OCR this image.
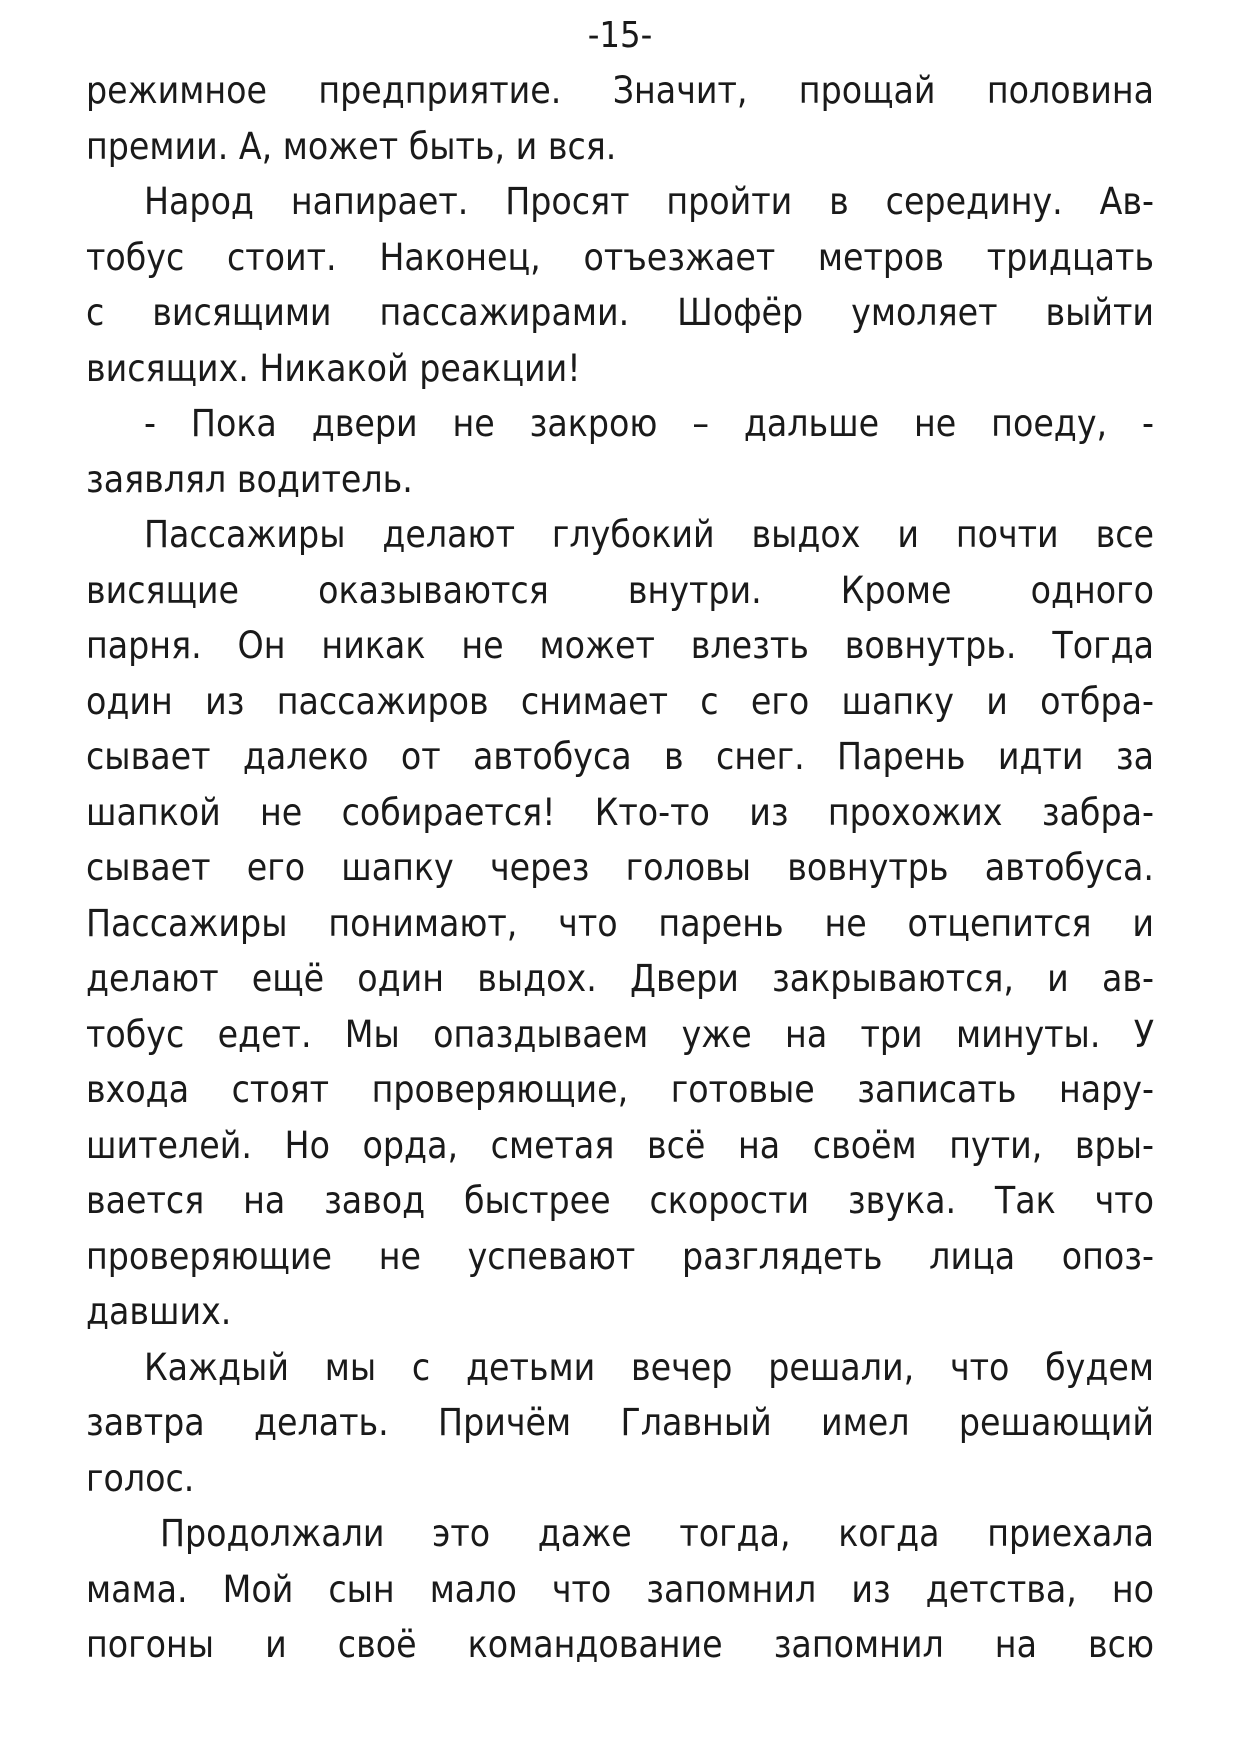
-15-
режимное предприятие. Значит, прощай половина
премии. А, может быть, и вся.
Народ напирает. Просят пройти в середину. Ав-
тобус стоит. Наконец, отъезжает метров тридцать
с висящими пассажирами. Шофёр умоляет выйти
висящих. Никакой реакции!
- Пока двери не закрою – дальше не поеду, -
заявлял водитель.
Пассажиры делают глубокий выдох и почти все
висящие оказываются внутри. Кроме одного
парня. Он никак не может влезть вовнутрь. Тогда
один из пассажиров снимает с его шапку и отбра-
сывает далеко от автобуса в снег. Парень идти за
шапкой не собирается! Кто-то из прохожих забра-
сывает его шапку через головы вовнутрь автобуса.
Пассажиры понимают, что парень не отцепится и
делают ещё один выдох. Двери закрываются, и ав-
тобус едет. Мы опаздываем уже на три минуты. У
входа стоят проверяющие, готовые записать нару-
шителей. Но орда, сметая всё на своём пути, вры-
вается на завод быстрее скорости звука. Так что
проверяющие не успевают разглядеть лица опоз-
давших.
Каждый мы с детьми вечер решали, что будем
завтра делать. Причём Главный имел решающий
голос.
Продолжали это даже тогда, когда приехала
мама. Мой сын мало что запомнил из детства, но
погоны и своё командование запомнил на всю
